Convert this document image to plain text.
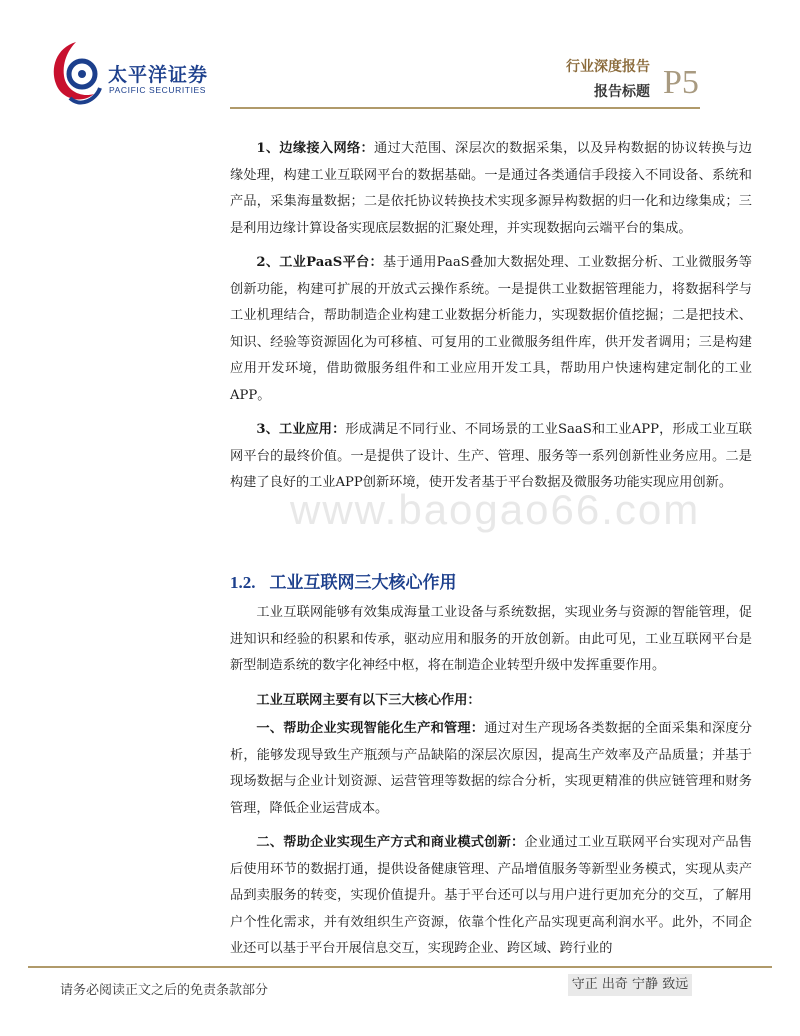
太平洋证券
PACIFIC SECURITIES
行业深度报告
报告标题 P5
www.baogao66.com

1、边缘接入网络：通过大范围、深层次的数据采集，以及异构数据的协议转换与边缘处理，构建工业互联网平台的数据基础。一是通过各类通信手段接入不同设备、系统和产品，采集海量数据；二是依托协议转换技术实现多源异构数据的归一化和边缘集成；三是利用边缘计算设备实现底层数据的汇聚处理，并实现数据向云端平台的集成。

2、工业PaaS平台：基于通用PaaS叠加大数据处理、工业数据分析、工业微服务等创新功能，构建可扩展的开放式云操作系统。一是提供工业数据管理能力，将数据科学与工业机理结合，帮助制造企业构建工业数据分析能力，实现数据价值挖掘；二是把技术、知识、经验等资源固化为可移植、可复用的工业微服务组件库，供开发者调用；三是构建应用开发环境，借助微服务组件和工业应用开发工具，帮助用户快速构建定制化的工业APP。

3、工业应用：形成满足不同行业、不同场景的工业SaaS和工业APP，形成工业互联网平台的最终价值。一是提供了设计、生产、管理、服务等一系列创新性业务应用。二是构建了良好的工业APP创新环境，使开发者基于平台数据及微服务功能实现应用创新。

1.2. 工业互联网三大核心作用

工业互联网能够有效集成海量工业设备与系统数据，实现业务与资源的智能管理，促进知识和经验的积累和传承，驱动应用和服务的开放创新。由此可见，工业互联网平台是新型制造系统的数字化神经中枢，将在制造企业转型升级中发挥重要作用。

工业互联网主要有以下三大核心作用：

一、帮助企业实现智能化生产和管理：通过对生产现场各类数据的全面采集和深度分析，能够发现导致生产瓶颈与产品缺陷的深层次原因，提高生产效率及产品质量；并基于现场数据与企业计划资源、运营管理等数据的综合分析，实现更精准的供应链管理和财务管理，降低企业运营成本。

二、帮助企业实现生产方式和商业模式创新：企业通过工业互联网平台实现对产品售后使用环节的数据打通，提供设备健康管理、产品增值服务等新型业务模式，实现从卖产品到卖服务的转变，实现价值提升。基于平台还可以与用户进行更加充分的交互，了解用户个性化需求，并有效组织生产资源，依靠个性化产品实现更高利润水平。此外，不同企业还可以基于平台开展信息交互，实现跨企业、跨区域、跨行业的

请务必阅读正文之后的免责条款部分	守正 出奇 宁静 致远
